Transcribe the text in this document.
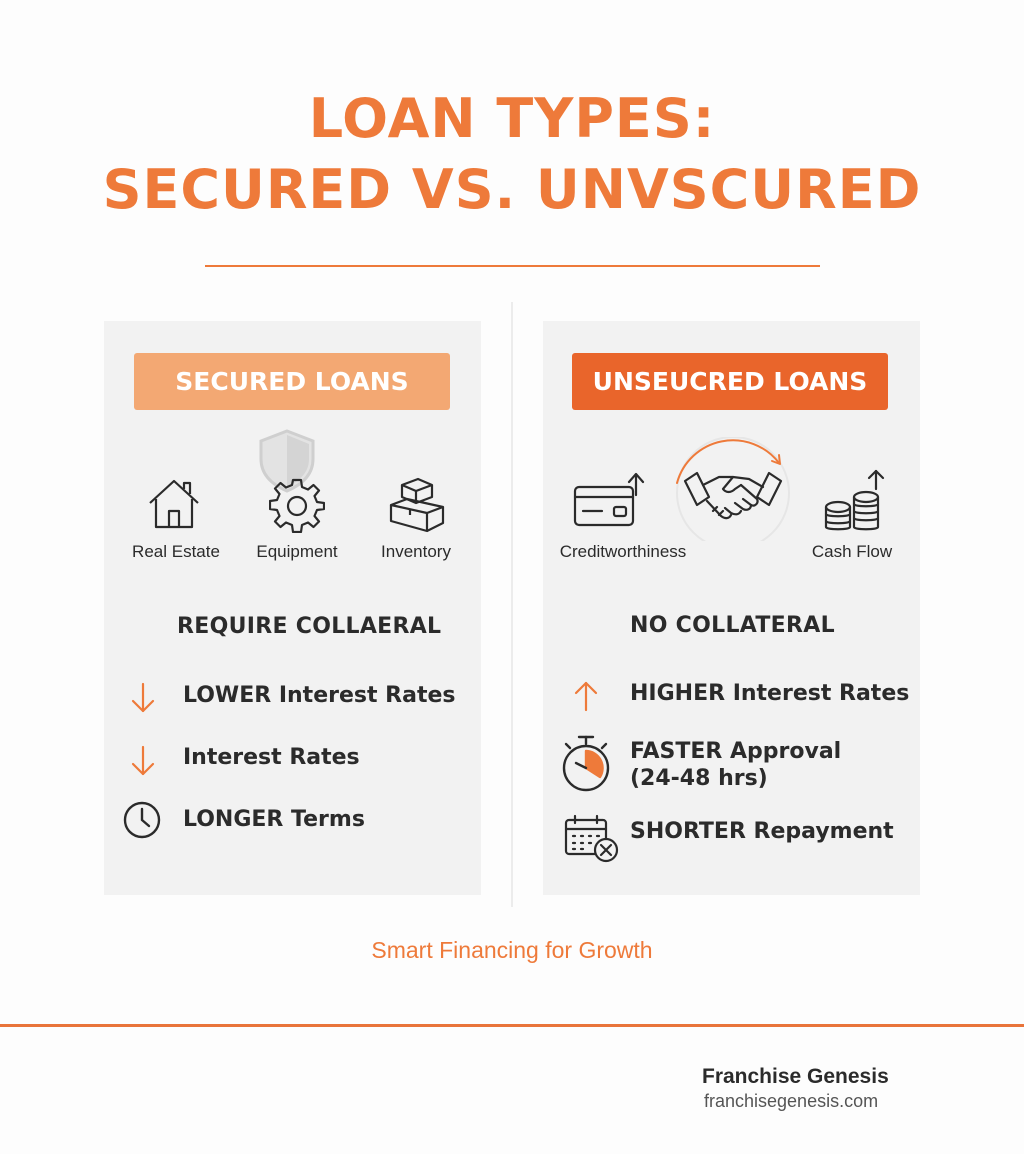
LOAN TYPES:
SECURED VS. UNVSCURED
SECURED LOANS
Real Estate	Equipment	Inventory
REQUIRE COLLAERAL
LOWER Interest Rates
Interest Rates
LONGER Terms
UNSEUCRED LOANS
Creditworthiness	Cash Flow
NO COLLATERAL
HIGHER Interest Rates
FASTER Approval
(24-48 hrs)
SHORTER Repayment
Smart Financing for Growth
Franchise Genesis
franchisegenesis.com
